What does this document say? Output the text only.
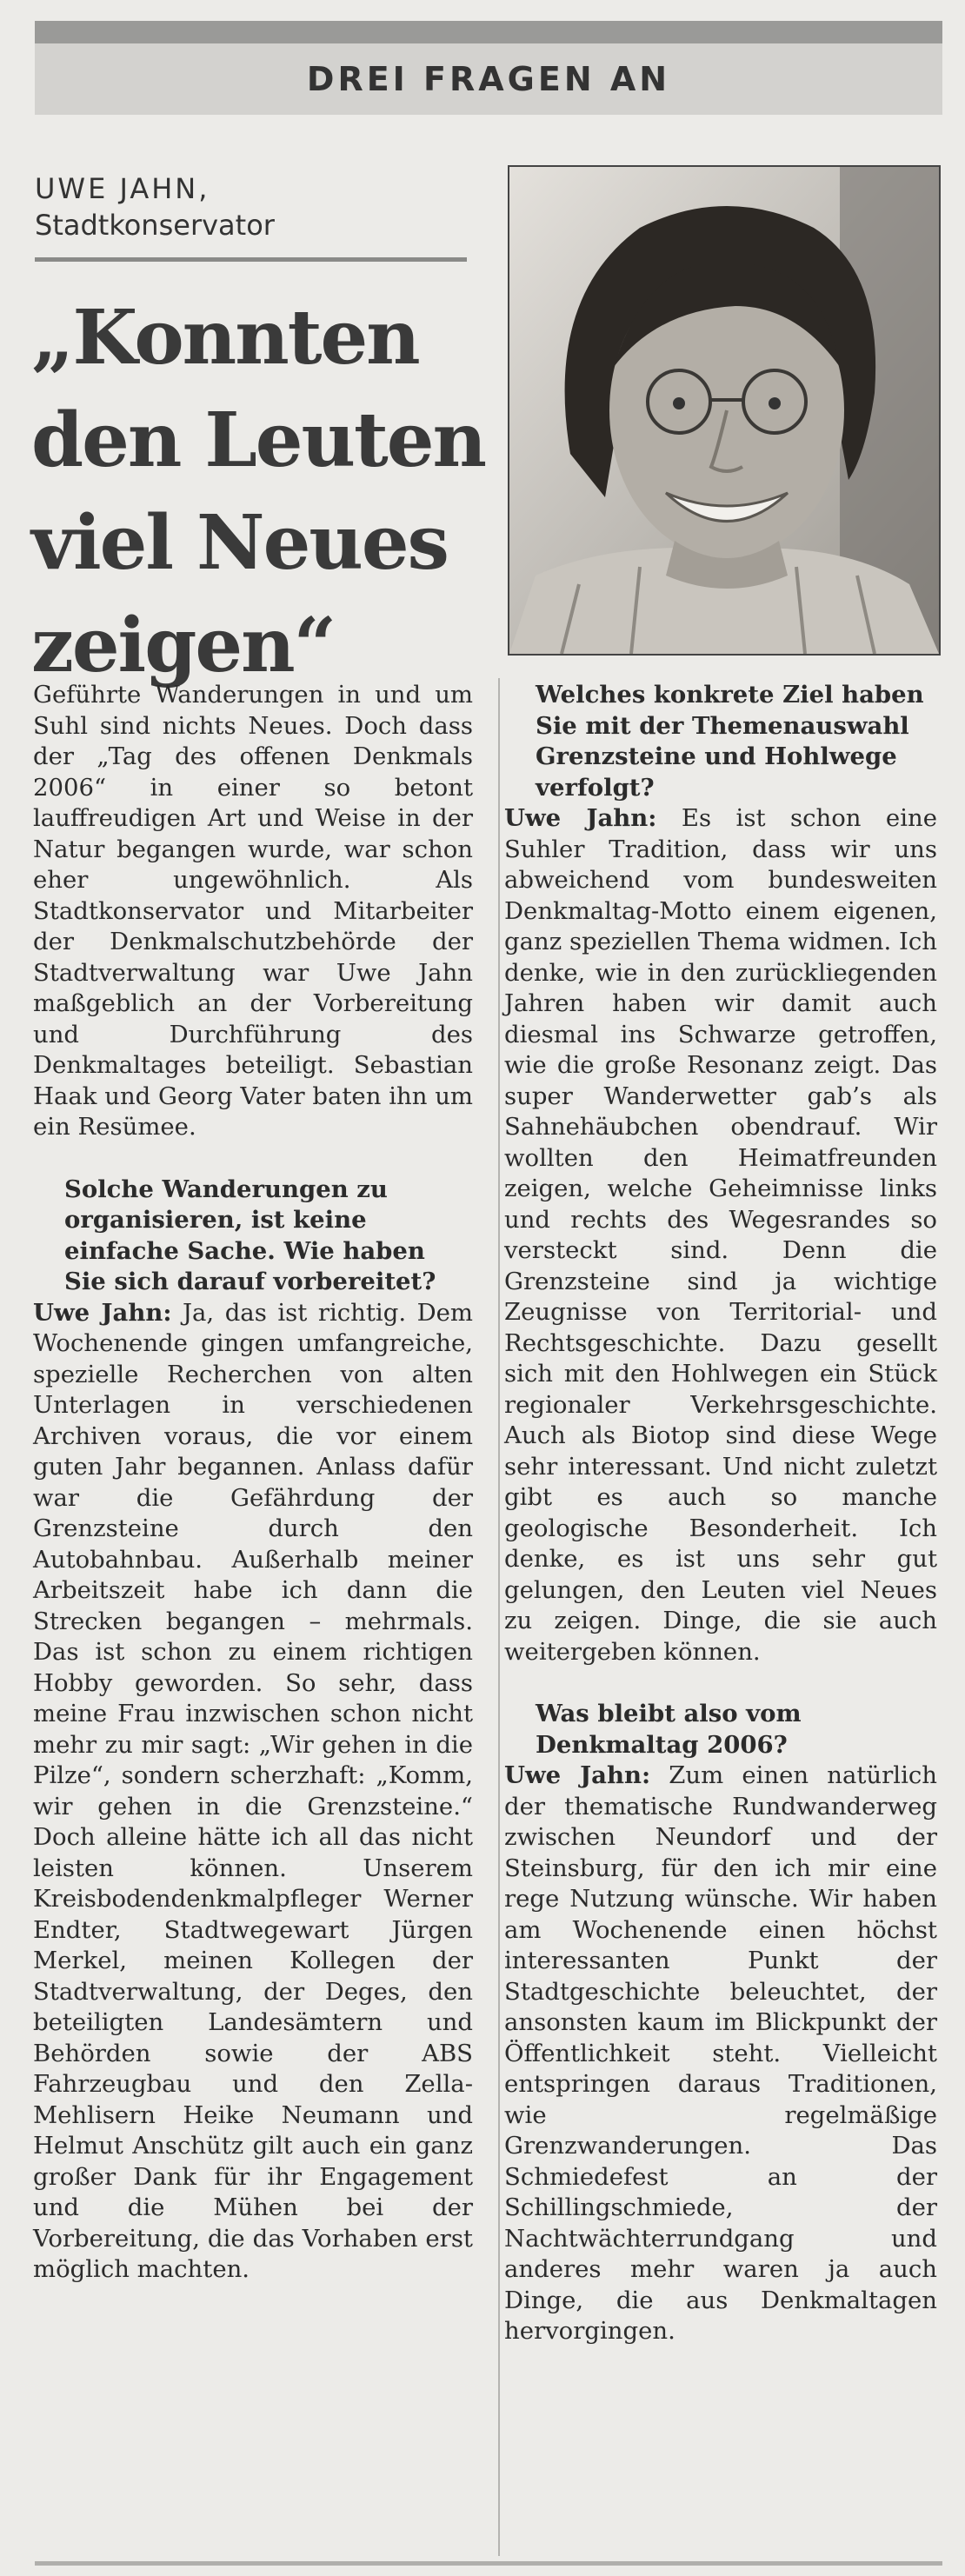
DREI FRAGEN AN
UWE JAHN,
Stadtkonservator
„Konnten den Leuten viel Neues zeigen“

Geführte Wanderungen in und um Suhl sind nichts Neues. Doch dass der „Tag des offenen Denkmals 2006“ in einer so betont lauffreudigen Art und Weise in der Natur begangen wurde, war schon eher ungewöhnlich. Als Stadtkonservator und Mitarbeiter der Denkmalschutzbehörde der Stadtverwaltung war Uwe Jahn maßgeblich an der Vorbereitung und Durchführung des Denkmaltages beteiligt. Sebastian Haak und Georg Vater baten ihn um ein Resümee.

Solche Wanderungen zu organisieren, ist keine einfache Sache. Wie haben Sie sich darauf vorbereitet?

Uwe Jahn: Ja, das ist richtig. Dem Wochenende gingen umfangreiche, spezielle Recherchen von alten Unterlagen in verschiedenen Archiven voraus, die vor einem guten Jahr begannen. Anlass dafür war die Gefährdung der Grenzsteine durch den Autobahnbau. Außerhalb meiner Arbeitszeit habe ich dann die Strecken begangen – mehrmals. Das ist schon zu einem richtigen Hobby geworden. So sehr, dass meine Frau inzwischen schon nicht mehr zu mir sagt: „Wir gehen in die Pilze“, sondern scherzhaft: „Komm, wir gehen in die Grenzsteine.“ Doch alleine hätte ich all das nicht leisten können. Unserem Kreisbodendenkmalpfleger Werner Endter, Stadtwegewart Jürgen Merkel, meinen Kollegen der Stadtverwaltung, der Deges, den beteiligten Landesämtern und Behörden sowie der ABS Fahrzeugbau und den Zella-Mehlisern Heike Neumann und Helmut Anschütz gilt auch ein ganz großer Dank für ihr Engagement und die Mühen bei der Vorbereitung, die das Vorhaben erst möglich machten.

Welches konkrete Ziel haben Sie mit der Themenauswahl Grenzsteine und Hohlwege verfolgt?

Uwe Jahn: Es ist schon eine Suhler Tradition, dass wir uns abweichend vom bundesweiten Denkmaltag-Motto einem eigenen, ganz speziellen Thema widmen. Ich denke, wie in den zurückliegenden Jahren haben wir damit auch diesmal ins Schwarze getroffen, wie die große Resonanz zeigt. Das super Wanderwetter gab’s als Sahnehäubchen obendrauf. Wir wollten den Heimatfreunden zeigen, welche Geheimnisse links und rechts des Wegesrandes so versteckt sind. Denn die Grenzsteine sind ja wichtige Zeugnisse von Territorial- und Rechtsgeschichte. Dazu gesellt sich mit den Hohlwegen ein Stück regionaler Verkehrsgeschichte. Auch als Biotop sind diese Wege sehr interessant. Und nicht zuletzt gibt es auch so manche geologische Besonderheit. Ich denke, es ist uns sehr gut gelungen, den Leuten viel Neues zu zeigen. Dinge, die sie auch weitergeben können.

Was bleibt also vom Denkmaltag 2006?

Uwe Jahn: Zum einen natürlich der thematische Rundwanderweg zwischen Neundorf und der Steinsburg, für den ich mir eine rege Nutzung wünsche. Wir haben am Wochenende einen höchst interessanten Punkt der Stadtgeschichte beleuchtet, der ansonsten kaum im Blickpunkt der Öffentlichkeit steht. Vielleicht entspringen daraus Traditionen, wie regelmäßige Grenzwanderungen. Das Schmiedefest an der Schillingschmiede, der Nachtwächterrundgang und anderes mehr waren ja auch Dinge, die aus Denkmaltagen hervorgingen.
